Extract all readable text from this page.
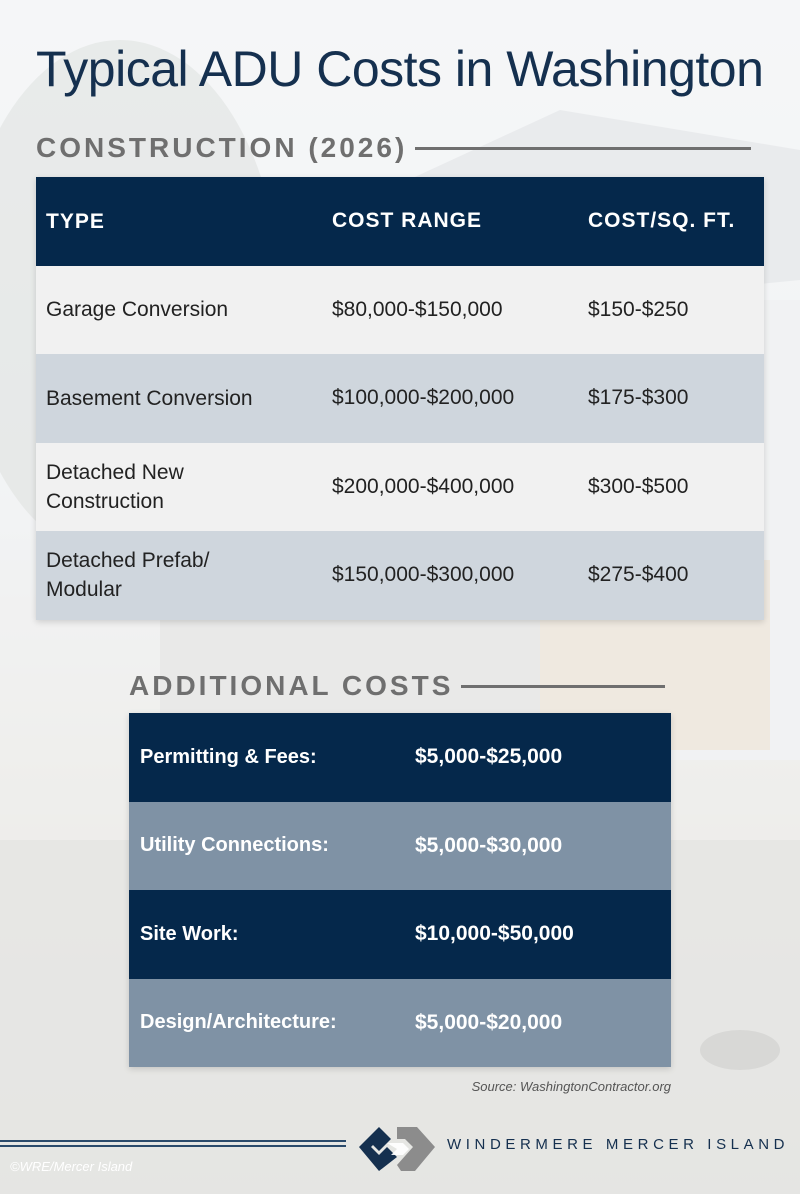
Typical ADU Costs in Washington
CONSTRUCTION (2026)
TYPE	COST RANGE	COST/SQ. FT.
Garage Conversion	$80,000-$150,000	$150-$250
Basement Conversion	$100,000-$200,000	$175-$300
Detached New
Construction
$200,000-$400,000	$300-$500
Detached Prefab/
Modular
$150,000-$300,000	$275-$400
ADDITIONAL COSTS
Permitting & Fees:	$5,000-$25,000
Utility Connections:	$5,000-$30,000
Site Work:	$10,000-$50,000
Design/Architecture:	$5,000-$20,000
Source: WashingtonContractor.org
WINDERMERE MERCER ISLAND
©WRE/Mercer Island
